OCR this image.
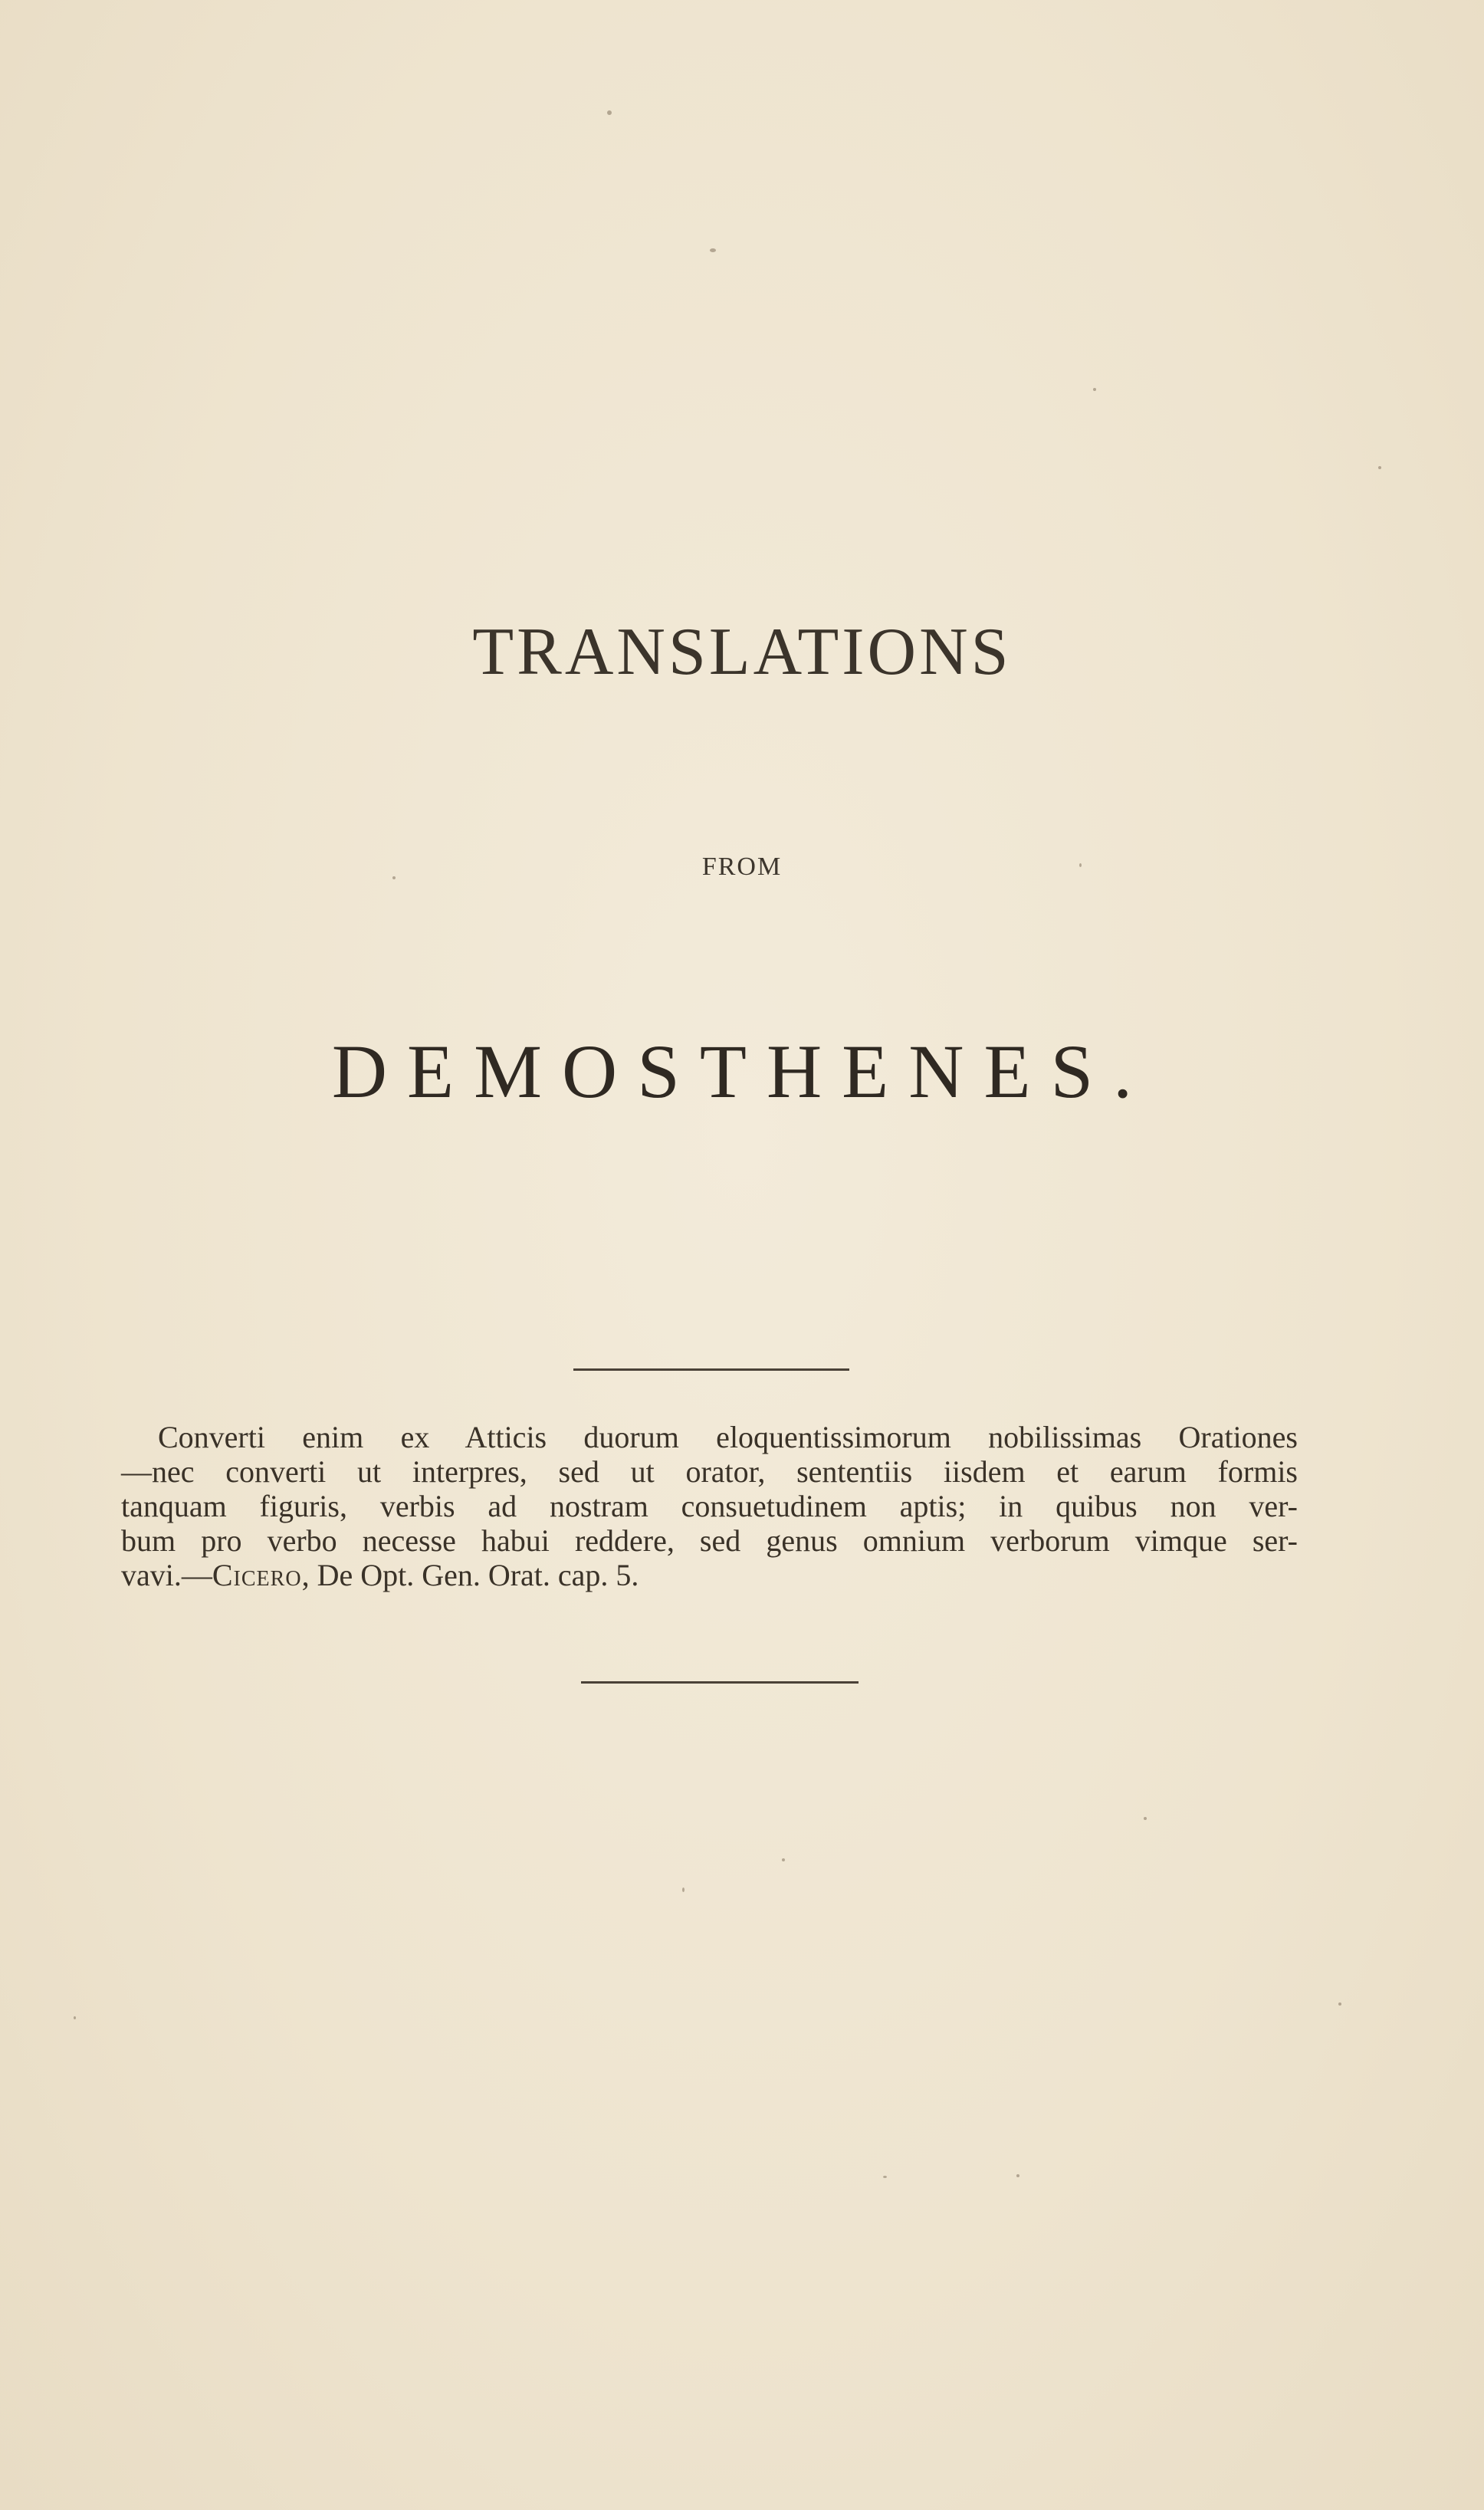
TRANSLATIONS
FROM
DEMOSTHENES.
Converti enim ex Atticis duorum eloquentissimorum nobilissimas Orationes
—nec converti ut interpres, sed ut orator, sententiis iisdem et earum formis
tanquam figuris, verbis ad nostram consuetudinem aptis; in quibus non ver-
bum pro verbo necesse habui reddere, sed genus omnium verborum vimque ser-
vavi.—Cicero, De Opt. Gen. Orat. cap. 5.
